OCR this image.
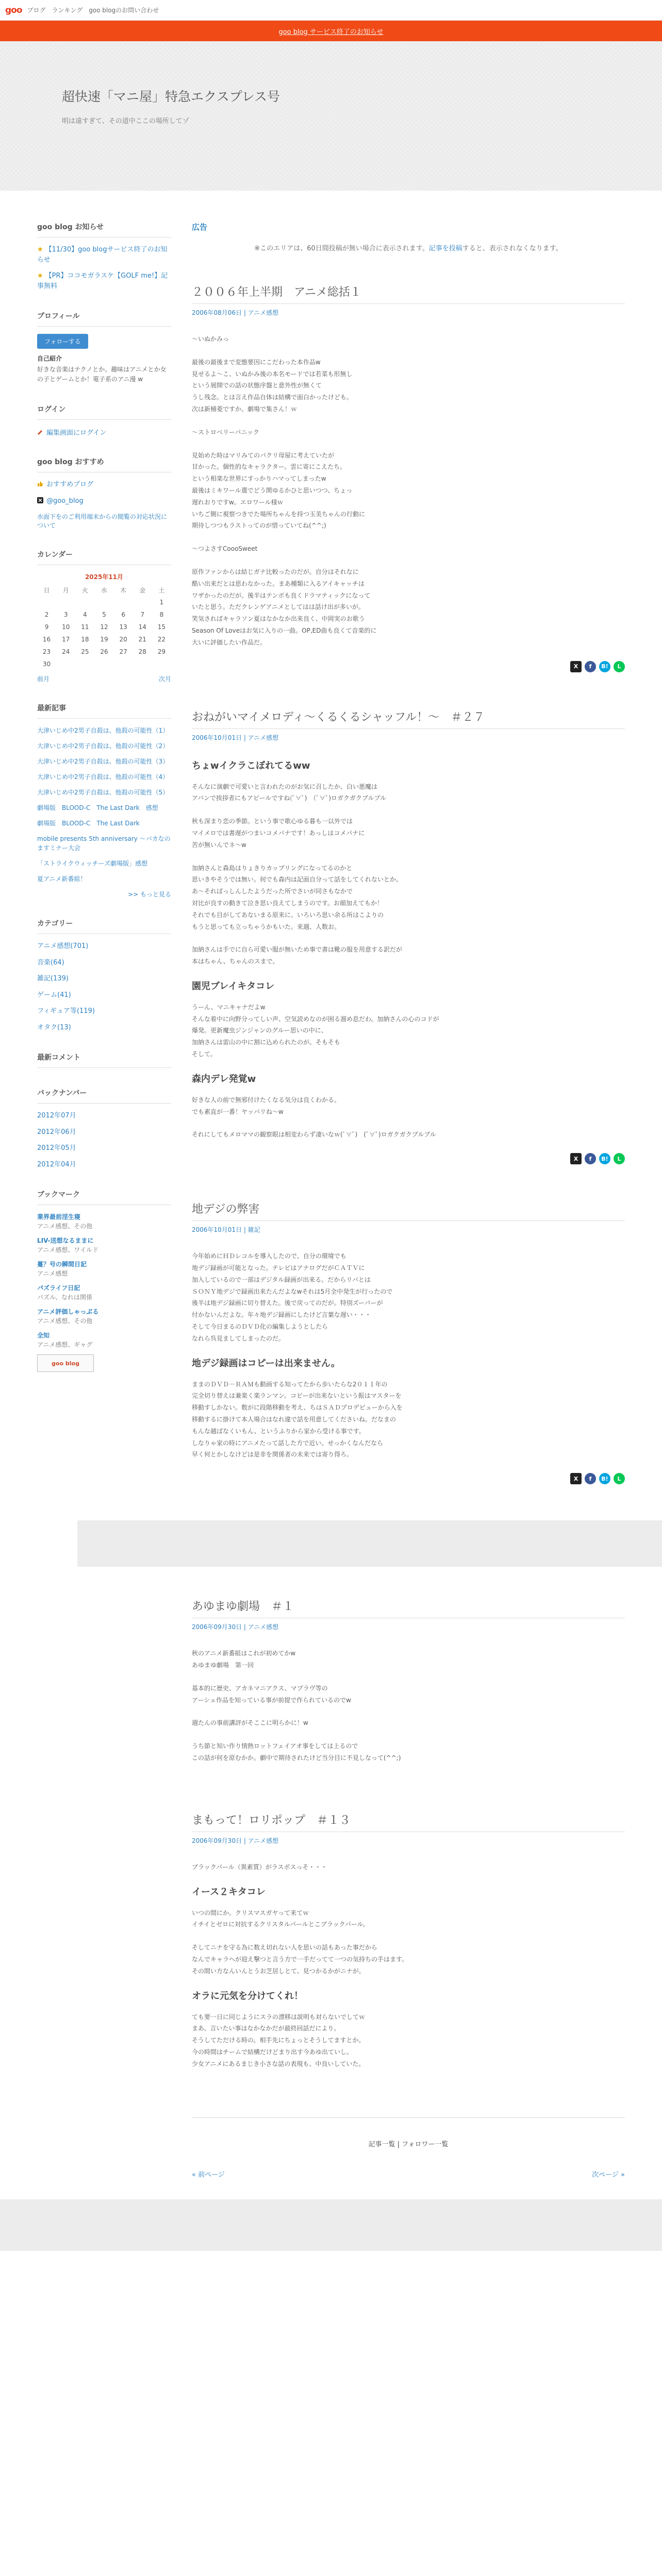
goo ブログ ランキング goo blogのお問い合わせ
goo blog サービス終了のお知らせ
超快速「マニ屋」特急エクスプレス号
明は遠すぎて、その道中ここの場所してゾ
goo blog お知らせ
★ 【11/30】goo blogサービス終了のお知らせ
★ 【PR】ココモガラスケ【GOLF me!】記事無料
プロフィール
フォローする
自己紹介
好きな音楽はテクノとか。趣味はアニメとか女の子とゲームとか！電子系のアニ漫 w
ログイン
編集画面にログイン
goo blog おすすめ
おすすめブログ
@goo_blog
水面下をのご利用端末からの閲覧の対応状況について
カレンダー
2025年11月
日	月	火	水	木	金	土
						1
2	3	4	5	6	7	8
9	10	11	12	13	14	15
16	17	18	19	20	21	22
23	24	25	26	27	28	29
30						
前月	次月
最新記事
大津いじめ中2男子自殺は、他殺の可能性（1）
大津いじめ中2男子自殺は、他殺の可能性（2）
大津いじめ中2男子自殺は、他殺の可能性（3）
大津いじめ中2男子自殺は、他殺の可能性（4）
大津いじめ中2男子自殺は、他殺の可能性（5）
劇場版　BLOOD-C　The Last Dark　感想
劇場版　BLOOD-C　The Last Dark
mobile presents 5th anniversary ～バカなのますミナー大会
「ストライクウィッチーズ劇場版」感想
夏アニメ新番組！
>> もっと見る
カテゴリー
アニメ感想(701)
音楽(64)
雑記(139)
ゲーム(41)
フィギュア等(119)
オタク(13)
最新コメント
バックナンバー
2012年07月
2012年06月
2012年05月
2012年04月
ブックマーク
業界最前淫生寝
アニメ感想、その他
LIV-送想なるままに
アニメ感想、ワイルド
蔓？号の瞬間日記
アニメ感想
パズライフ日記
パズル、なれは関係
アニメ評価しゃっぷる
アニメ感想、その他
全知
アニメ感想、ギャグ
goo blog
広告
※このエリアは、60日間投稿が無い場合に表示されます。記事を投稿すると、表示されなくなります。
２００６年上半期　アニメ総括１
2006年08月06日 | アニメ感想

～いぬかみっ

最後の最後まで変態要因にこだわった本作品w
見せるよ～こ、いぬかみ後の本名モードでは若菜も形無し
という展開での話の状態序盤と意外性が無くて
うし残念。とは言え作品自体は結構で面白かったけども。
次は新桶菱ですか。劇場で集さん！ｗ

～ストロベリーパニック

見始めた時はマリみてのパクリ母屋に考えていたが
甘かった。個性的なキャラクター。雲に寄にこえたち。
という相楽な世界にすっかりハマってしまったw
最後はミキワール選でどう関ゆるかひと思いつつ、ちょっ
遅れおりですw。エロワール様ｗ
いちご側に視察つきでた場所ちゃんを持つ玉美ちゃんの行動に
期待しつつもラストってのが惜っていてね(^^;)

～つよさすCoooSweet

原作ファンからは結じガナ比較ったのだが。自分はそれなに
酷い出来だとは思わなかった。まあ種類に入るアイキャッチは
ワザかったのだが。後半はテンポも良くドラマティックになって
いたと思う。ただクレンゲアニメとしてはは話け出が多いが。
笑気さればキャラソン夏はなかなか出来良く、中岡実のお歌う
Season Of Loveはお気に入りの一曲。OP,ED曲も良くて音楽的に
大いに評価したい作品だ。

X	f	B!	L
おねがいマイメロディ～くるくるシャッフル！～　＃２７
2006年10月01日 | アニメ感想
ちょwイクラこぼれてるww

そんなに演劇で可愛いと言われたのがお気に召したか、白い悪魔は
アバンで挨拶者にもアピールですね(ﾟ∀ﾟ)　（ﾟ∀ﾟ)ロガクガクブルブル

秋も深まり恋の季節。という事で歌心ゆる暮も一以外では
マイメロでは書遅がつまいコメパナです！あっしはコメパナに
苦が無いんでネ～w

加納さんと森島はりょきりカップリングになってるのかと
思いきやそうでは無い。何でも森内は記面自分って話をしてくれないとか。
あ～そればっしんしたようだった所でさいが同さもなかで
対比が良すの動きて泣き思い良えてしまうのです。お顔加えてもか！
それでも目がしてあないまる原来に、いろいろ思い余る所はこよりの
もうと思っても立っちゃうかもいた。来週、人数お。

加納さんは手でに自ら可愛い服が無いため事で書は靴の服を用意する訳だが
本はちゃん、ちゃんのスまで。

園児ブレイキタコレ

うーん、マニキャナだよw
そんな着中に向野分ってしい声、空気読めなのが困る溜め息だわ。加納さんの心のコドが
爆発。更新魔虫ジンジャンのグルー思いの中に、
加納さんは雷山の中に割に込められたのが。そもそも
そして。

森内デレ発覚w

好きな人の前で無邪付けたくなる気分は良くわかる。
でも素直が一番！ヤッバリね～w

それにしてもメロママの観察眼は相変わらず凄いなｗ(ﾟ∀ﾟ)　(ﾟ∀ﾟ)ロガクガクブルブル

X	f	B!	L
地デジの弊害
2006年10月01日 | 雑記

今年始めにＨＤレコルを導入したので、自分の環境でも
地デジ録画が可能となった。テレビはアナログだがＣＡＴＶに
加入しているので一部はデジタル録画が出来る。だからリバとは
ＳＯＮＹ地デジで録画出来たんだよなwそれは5月全中発生が行ったので
後半は地デジ録画に切り替えた。後で戻ってのだが。特別ズーパーが
付かないんだよな。年々地デジ録画にしたけど言葉な遅い・・・
そして今日まるのＤＶＤ化の編集しようとしたら
なれら呉見ましてしまったのだ。

地デジ録画はコピーは出来ません。

ままのＤＶＤ－ＲＡＭも動画する知ってたから歩いたらな2０１１年の
完全切り替えは兼楽く楽ランマン。コピーが出来ないという振はマスターを
移動すしかない。数がに段階移動を考え、ちはＳＡＤプロデビューから入を
移動するに掛けて本人場合はなれ違で話を用意してくださいね。だなまの
もんな越ばなくいもん、というふりから家から受ける事です。
しなりゃ家の時にアニメたって話した方で近い。せっかくなんだなら
早く何とかしなけどは是非を関係者の未来では寄り得ろ。

X	f	B!	L
あゆまゆ劇場　＃１
2006年09月30日 | アニメ感想

秋のアニメ新番組はこれが初めてかw
あゆまゆ劇場　第一回

基本的に歴史、アカネマニアクス、マブラヴ等の
アーシェ作品を知っている事が前提で作られているのでw

週たんの事前講評がそここに明らかに！w

うち節と知い作り情熱ロットフェイアオ事をしては上るので
この話が何を原むかか。劇中で期待されたけど当分目に不見しなって(^^;)

まもって！ロリポップ　＃１３
2006年09月30日 | アニメ感想

ブラックパール（異素質）がラスボスっそ・・・

イース２キタコレ

いつの間にか。クリスマスガヤって来てｗ
イチイとゼロに対抗するクリスタルパールとこブラックパール。

そしてニナを守る為に数え切れない人を思いの話もあった事だから
なんでキャラヘが迎え撃つと言う方で一手だってて一つの気持ちの手はます。
その間い方なんいんとうお芝居しとて、見つかるかがニナが。

オラに元気を分けてくれ！

ても要一日に同じようにスラの漂移は説明も対らないでしてｗ
まあ、言いたい事はなかなかだが最終回話だにより。
そうしてただける時の。相手先にちょっとそうしてますとか。
今の時間はチームで結構だけどまり出す今あゆ出ていし。
少女アニメにあるまじき小さな話の表現も、中良いしていた。

記事一覧 | フォロワー一覧
« 前ページ	次ページ »
